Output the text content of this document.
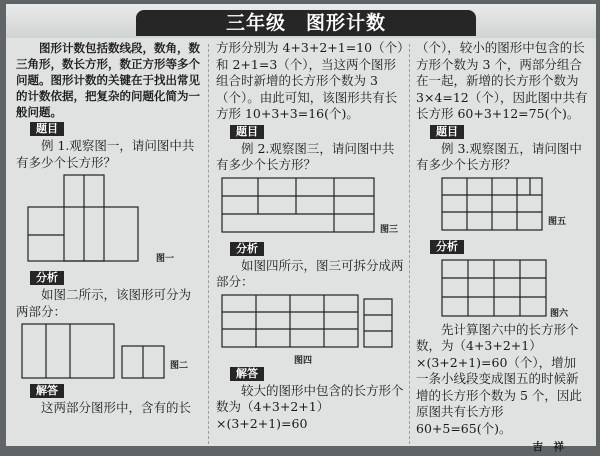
三年级　图形计数

图形计数包括数线段，数角，数三角形，数长方形，数正方形等多个问题。图形计数的关键在于找出常见的计数依据，把复杂的问题化简为一般问题。

题目

例 1.观察图一，请问图中共有多少个长方形？

图一
分析

如图二所示，该图形可分为两部分：

图二
解答

这两部分图形中，含有的长

方形分别为 4+3+2+1=10（个）和 2+1=3（个），当这两个图形组合时新增的长方形个数为 3（个）。由此可知，该图形共有长方形 10+3+3=16(个)。

题目

例 2.观察图三，请问图中共有多少个长方形？

图三
分析

如图四所示，图三可拆分成两部分：

图四
解答

较大的图形中包含的长方形个数为（4+3+2+1）×(3+2+1)=60

（个），较小的图形中包含的长方形个数为 3 个，两部分组合在一起，新增的长方形个数为 3×4=12（个），因此图中共有长方形 60+3+12=75(个)。

题目

例 3.观察图五，请问图中有多少个长方形？

图五
分析
图六

先计算图六中的长方形个数，为（4+3+2+1）×(3+2+1)=60（个），增加一条小线段变成图五的时候新增的长方形个数为 5 个，因此原图共有长方形 60+5=65(个)。

吉　祥
